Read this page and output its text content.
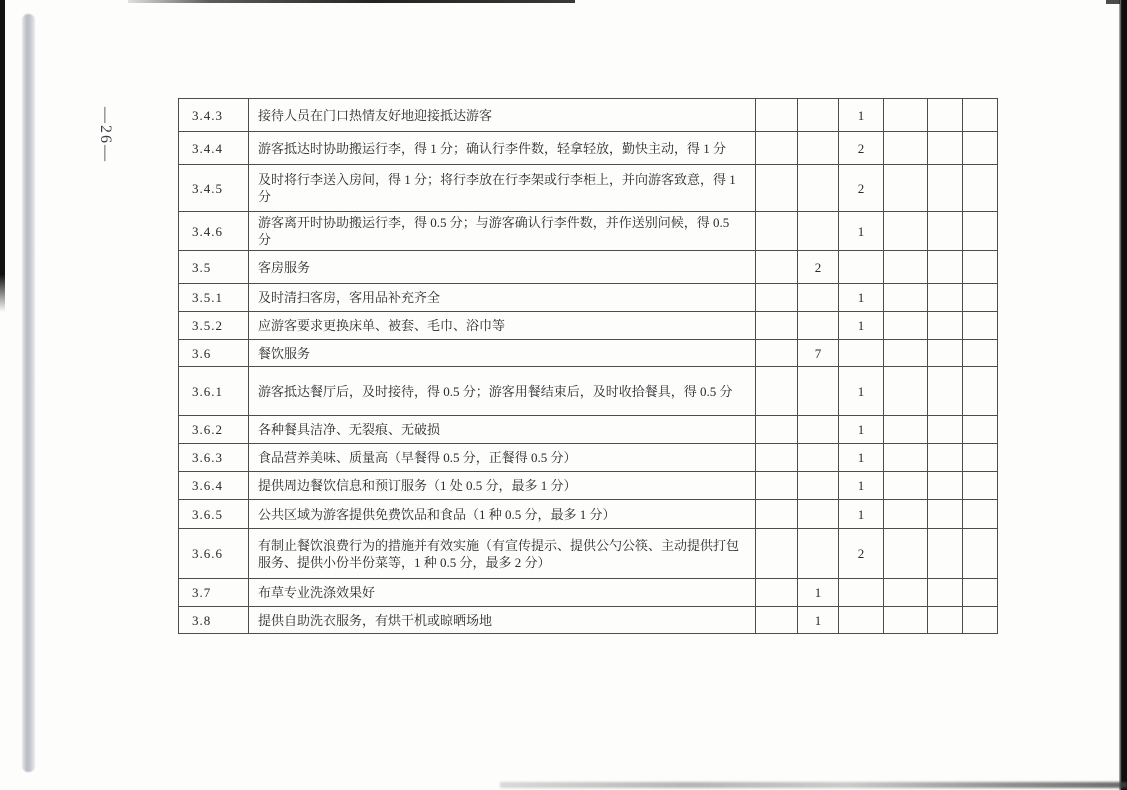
—26—	3.4.3	接待人员在门口热情友好地迎接抵达游客			1			
3.4.4	游客抵达时协助搬运行李，得 1 分；确认行李件数，轻拿轻放，勤快主动，得 1 分			2			
3.4.5	及时将行李送入房间，得 1 分；将行李放在行李架或行李柜上，并向游客致意，得 1 分			2			
3.4.6	游客离开时协助搬运行李，得 0.5 分；与游客确认行李件数，并作送别问候，得 0.5 分			1			
3.5	客房服务		2				
3.5.1	及时清扫客房，客用品补充齐全			1			
3.5.2	应游客要求更换床单、被套、毛巾、浴巾等			1			
3.6	餐饮服务		7				
3.6.1	游客抵达餐厅后，及时接待，得 0.5 分；游客用餐结束后，及时收拾餐具，得 0.5 分			1			
3.6.2	各种餐具洁净、无裂痕、无破损			1			
3.6.3	食品营养美味、质量高（早餐得 0.5 分，正餐得 0.5 分）			1			
3.6.4	提供周边餐饮信息和预订服务（1 处 0.5 分，最多 1 分）			1			
3.6.5	公共区域为游客提供免费饮品和食品（1 种 0.5 分，最多 1 分）			1			
3.6.6	有制止餐饮浪费行为的措施并有效实施（有宣传提示、提供公勺公筷、主动提供打包服务、提供小份半份菜等，1 种 0.5 分，最多 2 分）			2			
3.7	布草专业洗涤效果好		1				
3.8	提供自助洗衣服务，有烘干机或晾晒场地		1				
